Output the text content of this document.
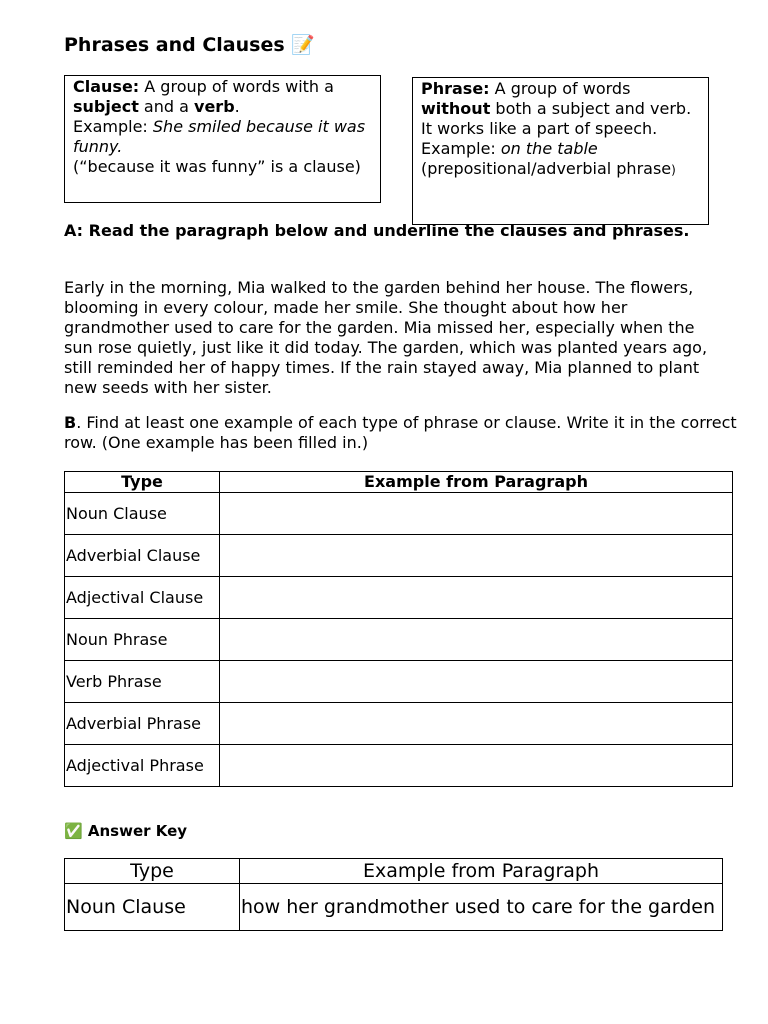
Phrases and Clauses 📝
Clause: A group of words with a subject and a verb.
Example: She smiled because it was funny.
(“because it was funny” is a clause)
Phrase: A group of words without both a subject and verb. It works like a part of speech.
Example: on the table
(prepositional/adverbial phrase)
A: Read the paragraph below and underline the clauses and phrases.
Early in the morning, Mia walked to the garden behind her house. The flowers, blooming in every colour, made her smile. She thought about how her grandmother used to care for the garden. Mia missed her, especially when the sun rose quietly, just like it did today. The garden, which was planted years ago, still reminded her of happy times. If the rain stayed away, Mia planned to plant new seeds with her sister.
B. Find at least one example of each type of phrase or clause. Write it in the correct row. (One example has been filled in.)
Type	Example from Paragraph
Noun Clause	
Adverbial Clause	
Adjectival Clause	
Noun Phrase	
Verb Phrase	
Adverbial Phrase	
Adjectival Phrase	
✅ Answer Key
Type	Example from Paragraph
Noun Clause	how her grandmother used to care for the garden
